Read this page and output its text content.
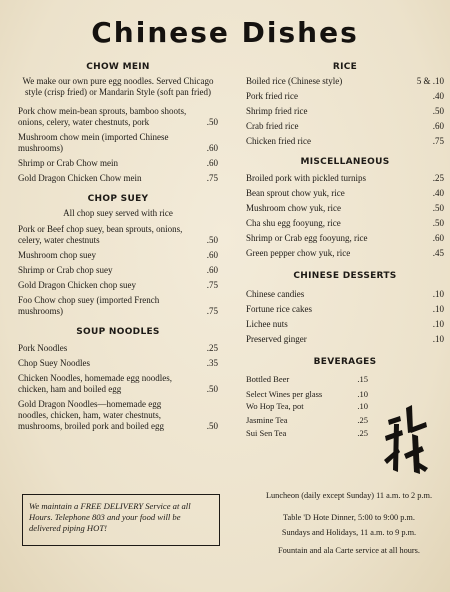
Chinese Dishes
CHOW MEIN
We make our own pure egg noodles. Served Chicago style (crisp fried) or Mandarin Style (soft pan fried)
Pork chow mein-bean sprouts, bamboo shoots, onions, celery, water chestnuts, pork	.50
Mushroom chow mein (imported Chinese mushrooms)	.60
Shrimp or Crab Chow mein	.60
Gold Dragon Chicken Chow mein	.75
CHOP SUEY
All chop suey served with rice
Pork or Beef chop suey, bean sprouts, onions, celery, water chestnuts	.50
Mushroom chop suey	.60
Shrimp or Crab chop suey	.60
Gold Dragon Chicken chop suey	.75
Foo Chow chop suey (imported French mushrooms)	.75
SOUP NOODLES
Pork Noodles	.25
Chop Suey Noodles	.35
Chicken Noodles, homemade egg noodles, chicken, ham and boiled egg	.50
Gold Dragon Noodles—homemade egg noodles, chicken, ham, water chestnuts, mushrooms, broiled pork and boiled egg	.50
We maintain a FREE DELIVERY Service at all Hours. Telephone 803 and your food will be delivered piping HOT!
RICE
Boiled rice (Chinese style)	5 & .10
Pork fried rice	.40
Shrimp fried rice	.50
Crab fried rice	.60
Chicken fried rice	.75
MISCELLANEOUS
Broiled pork with pickled turnips	.25
Bean sprout chow yuk, rice	.40
Mushroom chow yuk, rice	.50
Cha shu egg fooyung, rice	.50
Shrimp or Crab egg fooyung, rice	.60
Green pepper chow yuk, rice	.45
CHINESE DESSERTS
Chinese candies	.10
Fortune rice cakes	.10
Lichee nuts	.10
Preserved ginger	.10
BEVERAGES
Bottled Beer	.15
Select Wines per glass	.10
Wo Hop Tea, pot	.10
Jasmine Tea	.25
Sui Sen Tea	.25
Luncheon (daily except Sunday) 11 a.m. to 2 p.m.
Table 'D Hote Dinner, 5:00 to 9:00 p.m.
Sundays and Holidays, 11 a.m. to 9 p.m.
Fountain and ala Carte service at all hours.
